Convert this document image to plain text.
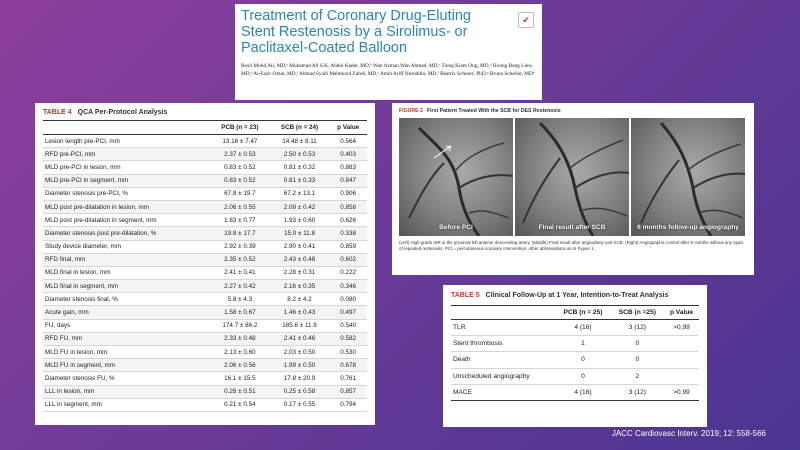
Treatment of Coronary Drug-Eluting Stent Restenosis by a Sirolimus- or Paclitaxel-Coated Balloon
✔
Rosli Mohd Ali, MD,ᵃ Muhamad Ali S.K. Abdul Kader, MD,ᵇ Wan Azman Wan Ahmad, MD,ᶜ Tiong Kiam Ong, MD,ᵈ Houng Bang Liew, MD,ᵉ Al-Fazir Omar, MD,ᶠ Ahmad Syadi Mahmood Zuhdi, MD,ᶜ Amin Ariff Nuruddin, MD,ᶠ Beatrix Schnorr, PhD,ᵍ Bruno Scheller, MDʰ
TABLE 4 QCA Per-Protocol Analysis
	PCB (n = 23)	SCB (n = 24)	p Value
Lesion length pre-PCI, mm	13.16 ± 7.47	14.48 ± 8.11	0.564
RFD pre-PCI, mm	2.37 ± 0.53	2.50 ± 0.53	0.403
MLD pre-PCI in lesion, mm	0.83 ± 0.52	0.81 ± 0.32	0.883
MLD pre-PCI in segment, mm	0.83 ± 0.52	0.81 ± 0.33	0.847
Diameter stenosis pre-PCI, %	67.8 ± 19.7	67.2 ± 13.1	0.906
MLD post pre-dilatation in lesion, mm	2.06 ± 0.55	2.09 ± 0.42	0.858
MLD post pre-dilatation in segment, mm	1.83 ± 0.77	1.93 ± 0.60	0.626
Diameter stenosis post pre-dilatation, %	19.8 ± 17.7	15.0 ± 11.8	0.338
Study device diameter, mm	2.92 ± 0.39	2.90 ± 0.41	0.859
RFD final, mm	2.35 ± 0.52	2.43 ± 0.48	0.602
MLD final in lesion, mm	2.41 ± 0.41	2.28 ± 0.31	0.222
MLD final in segment, mm	2.27 ± 0.42	2.16 ± 0.35	0.346
Diameter stenosis final, %	5.8 ± 4.3	8.2 ± 4.2	0.080
Acute gain, mm	1.58 ± 0.67	1.46 ± 0.43	0.497
FU, days	174.7 ± 86.2	185.6 ± 11.9	0.540
RFD FU, mm	2.33 ± 0.48	2.41 ± 0.46	0.582
MLD FU in lesion, mm	2.13 ± 0.60	2.03 ± 0.50	0.530
MLD FU in segment, mm	2.06 ± 0.56	1.99 ± 0.50	0.678
Diameter stenosis FU, %	16.1 ± 15.5	17.8 ± 20.9	0.761
LLL in lesion, mm	0.28 ± 0.51	0.25 ± 0.58	0.857
LLL in segment, mm	0.21 ± 0.54	0.17 ± 0.55	0.794
FIGURE 2 First Patient Treated With the SCB for DES Restenosis
Before PCI	Final result after SCB	6 months follow-up angiography
(Left) High-grade ISR in the proximal left anterior descending artery. (Middle) Final result after angioplasty and SCB. (Right) Angiographic control after 6 months without any signs of repeated restenosis. PCI = percutaneous coronary intervention; other abbreviations as in Figure 1.
TABLE 5 Clinical Follow-Up at 1 Year, Intention-to-Treat Analysis
	PCB (n = 25)	SCB (n =25)	p Value
TLR	4 (16)	3 (12)	>0.99
Stent thrombosis	1	0	
Death	0	0	
Unscheduled angiography	0	2	
MACE	4 (16)	3 (12)	>0.99
JACC Cardiovasc Interv. 2019; 12: 558-566
